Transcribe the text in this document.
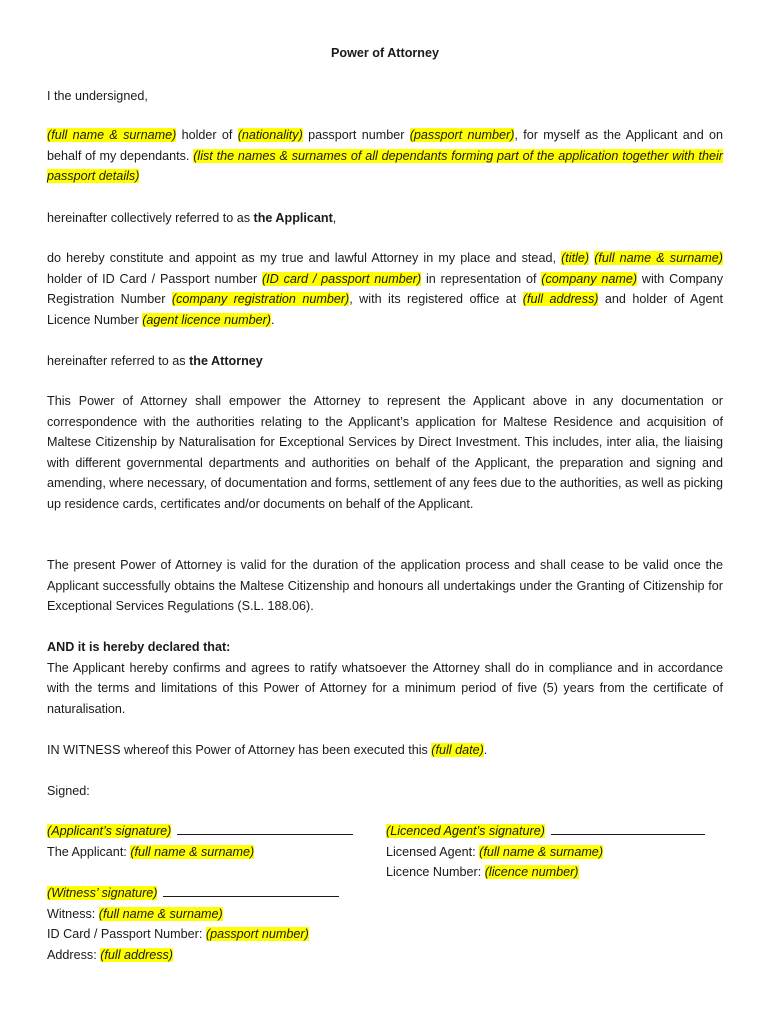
Power of Attorney
I the undersigned,
(full name & surname) holder of (nationality) passport number (passport number), for myself as the Applicant and on behalf of my dependants. (list the names & surnames of all dependants forming part of the application together with their passport details)
hereinafter collectively referred to as the Applicant,
do hereby constitute and appoint as my true and lawful Attorney in my place and stead, (title) (full name & surname) holder of ID Card / Passport number (ID card / passport number) in representation of (company name) with Company Registration Number (company registration number), with its registered office at (full address) and holder of Agent Licence Number (agent licence number).
hereinafter referred to as the Attorney
This Power of Attorney shall empower the Attorney to represent the Applicant above in any documentation or correspondence with the authorities relating to the Applicant’s application for Maltese Residence and acquisition of Maltese Citizenship by Naturalisation for Exceptional Services by Direct Investment. This includes, inter alia, the liaising with different governmental departments and authorities on behalf of the Applicant, the preparation and signing and amending, where necessary, of documentation and forms, settlement of any fees due to the authorities, as well as picking up residence cards, certificates and/or documents on behalf of the Applicant.
The present Power of Attorney is valid for the duration of the application process and shall cease to be valid once the Applicant successfully obtains the Maltese Citizenship and honours all undertakings under the Granting of Citizenship for Exceptional Services Regulations (S.L. 188.06).
AND it is hereby declared that:
The Applicant hereby confirms and agrees to ratify whatsoever the Attorney shall do in compliance and in accordance with the terms and limitations of this Power of Attorney for a minimum period of five (5) years from the certificate of naturalisation.
IN WITNESS whereof this Power of Attorney has been executed this (full date).
Signed:
(Applicant’s signature)
The Applicant: (full name & surname)
(Licenced Agent’s signature)
Licensed Agent: (full name & surname)
Licence Number: (licence number)
(Witness’ signature)
Witness: (full name & surname)
ID Card / Passport Number: (passport number)
Address: (full address)
